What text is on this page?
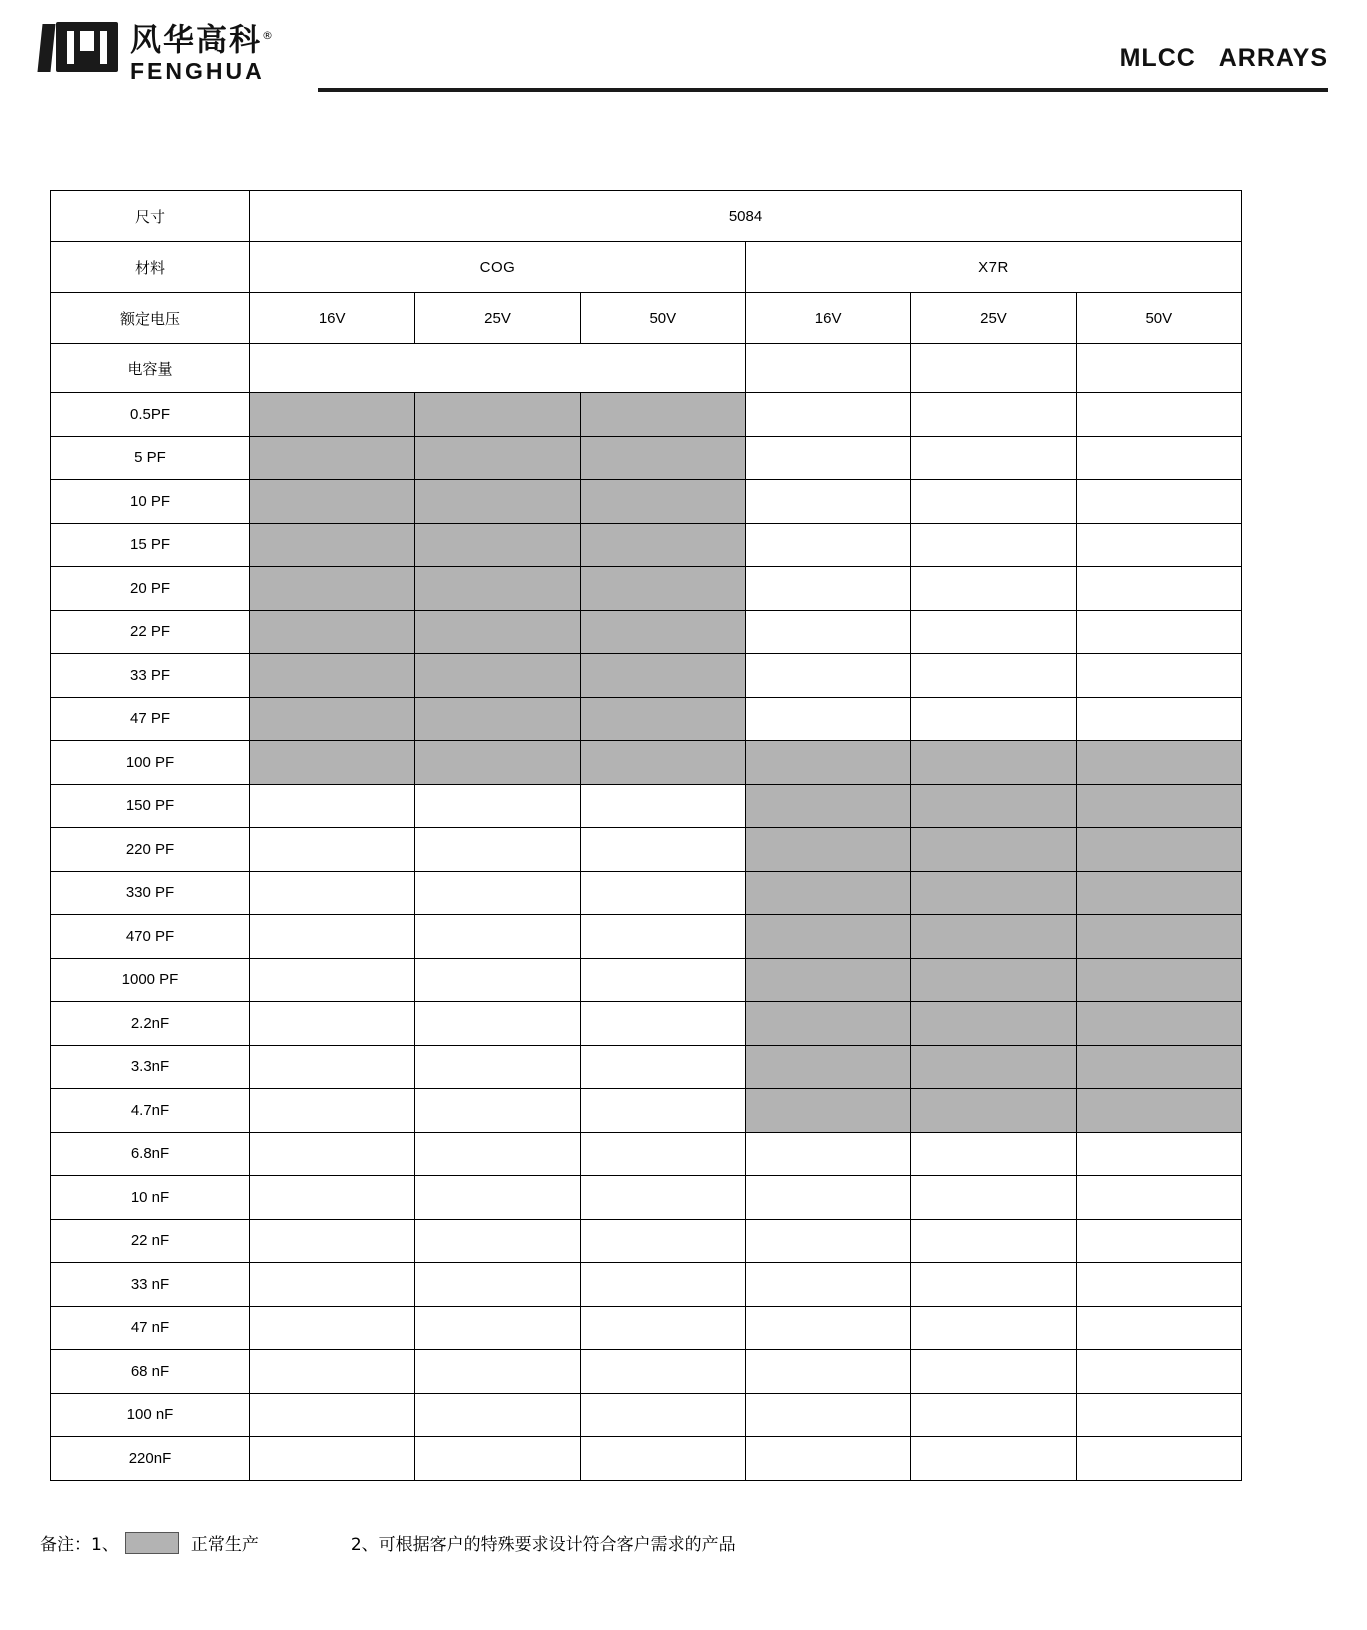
风华高科®
FENGHUA	MLCC   ARRAYS
尺寸	5084					
材料	COG			X7R		
额定电压	16V	25V	50V	16V	25V	50V
电容量						
0.5PF						
5 PF						
10 PF						
15 PF						
20 PF						
22 PF						
33 PF						
47 PF						
100 PF						
150 PF						
220 PF						
330 PF						
470 PF						
1000 PF						
2.2nF						
3.3nF						
4.7nF						
6.8nF						
10 nF						
22 nF						
33 nF						
47 nF						
68 nF						
100 nF						
220nF						
备注：1、	正常生产	2、可根据客户的特殊要求设计符合客户需求的产品
